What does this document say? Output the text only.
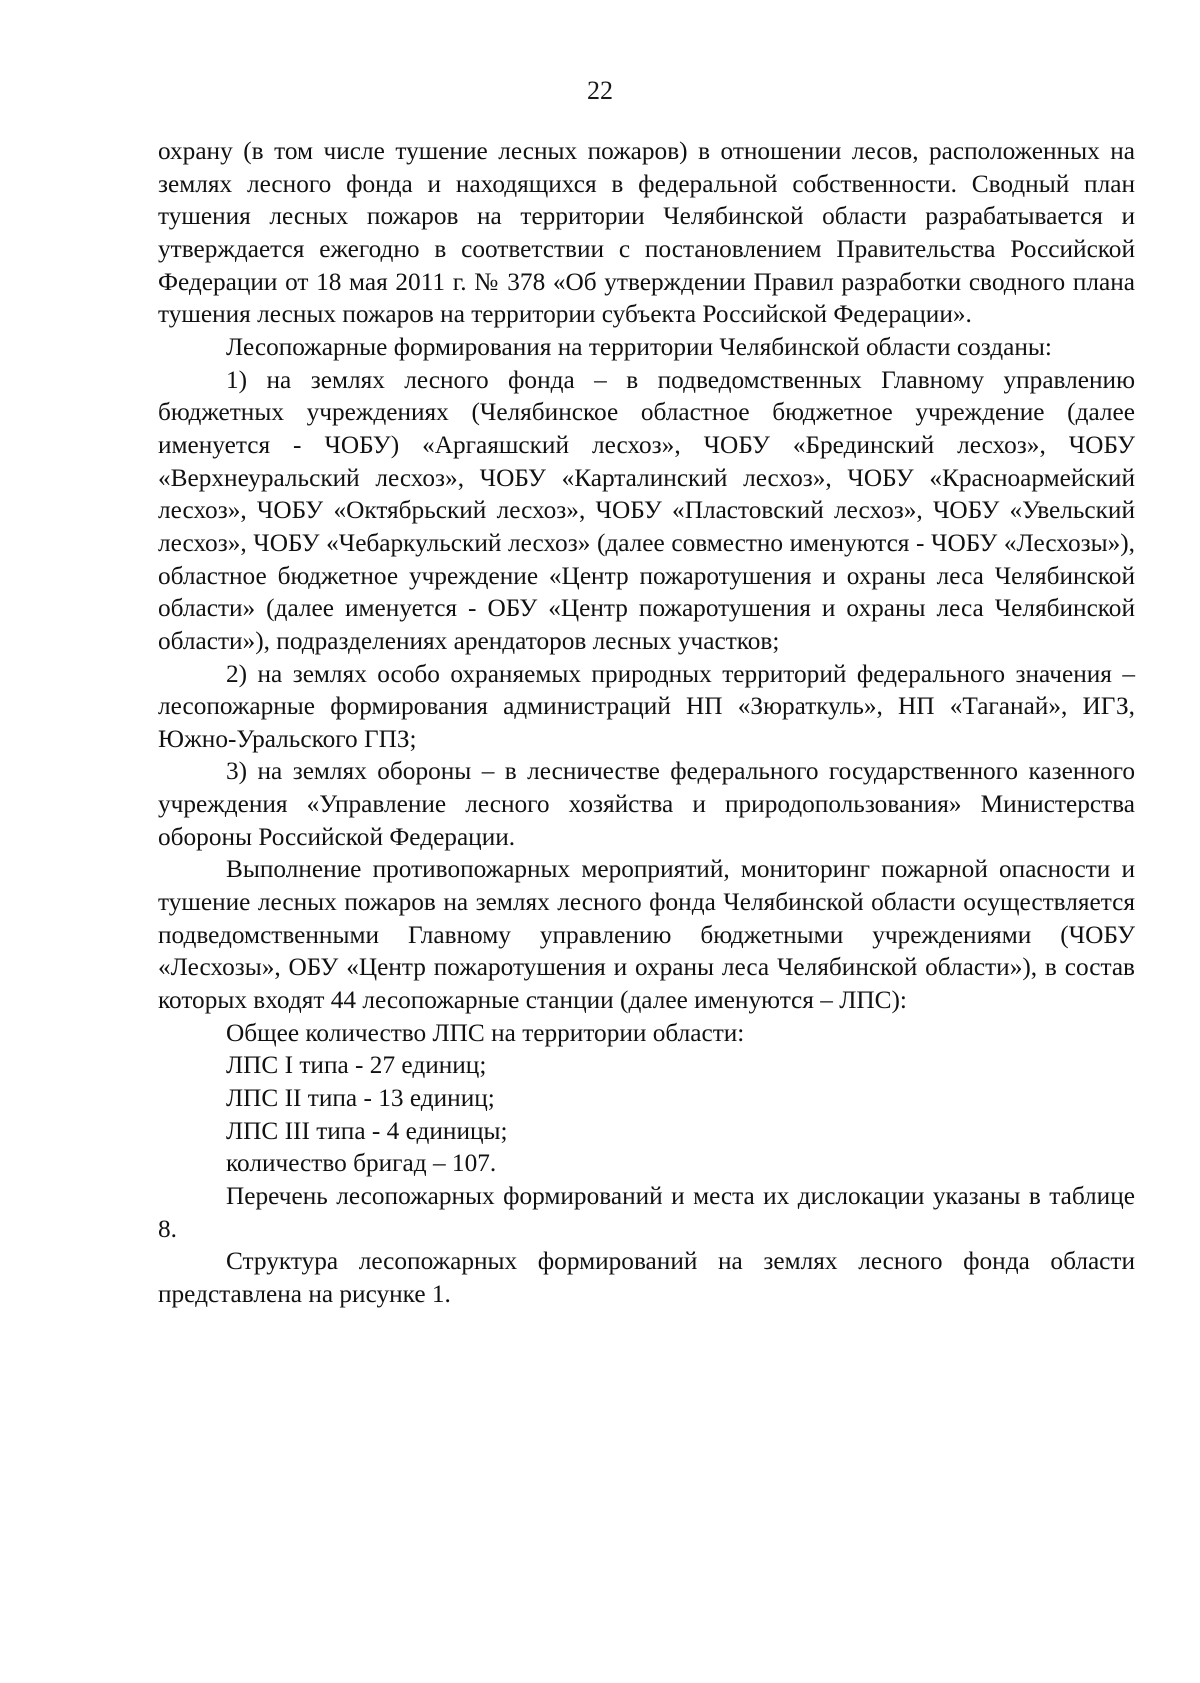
22

охрану (в том числе тушение лесных пожаров) в отношении лесов, расположенных на землях лесного фонда и находящихся в федеральной собственности. Сводный план тушения лесных пожаров на территории Челябинской области разрабатывается и утверждается ежегодно в соответствии с постановлением Правительства Российской Федерации от 18 мая 2011 г. № 378 «Об утверждении Правил разработки сводного плана тушения лесных пожаров на территории субъекта Российской Федерации».

Лесопожарные формирования на территории Челябинской области созданы:

1) на землях лесного фонда – в подведомственных Главному управлению бюджетных учреждениях (Челябинское областное бюджетное учреждение (далее именуется - ЧОБУ) «Аргаяшский лесхоз», ЧОБУ «Брединский лесхоз», ЧОБУ «Верхнеуральский лесхоз», ЧОБУ «Карталинский лесхоз», ЧОБУ «Красноармейский лесхоз», ЧОБУ «Октябрьский лесхоз», ЧОБУ «Пластовский лесхоз», ЧОБУ «Увельский лесхоз», ЧОБУ «Чебаркульский лесхоз» (далее совместно именуются - ЧОБУ «Лесхозы»), областное бюджетное учреждение «Центр пожаротушения и охраны леса Челябинской области» (далее именуется - ОБУ «Центр пожаротушения и охраны леса Челябинской области»), подразделениях арендаторов лесных участков;

2) на землях особо охраняемых природных территорий федерального значения – лесопожарные формирования администраций НП «Зюраткуль», НП «Таганай», ИГЗ, Южно-Уральского ГПЗ;

3) на землях обороны – в лесничестве федерального государственного казенного учреждения «Управление лесного хозяйства и природопользования» Министерства обороны Российской Федерации.

Выполнение противопожарных мероприятий, мониторинг пожарной опасности и тушение лесных пожаров на землях лесного фонда Челябинской области осуществляется подведомственными Главному управлению бюджетными учреждениями (ЧОБУ «Лесхозы», ОБУ «Центр пожаротушения и охраны леса Челябинской области»), в состав которых входят 44 лесопожарные станции (далее именуются – ЛПС):

Общее количество ЛПС на территории области:

ЛПС I типа - 27 единиц;

ЛПС II типа - 13 единиц;

ЛПС III типа - 4 единицы;

количество бригад – 107.

Перечень лесопожарных формирований и места их дислокации указаны в таблице 8.

Структура лесопожарных формирований на землях лесного фонда области представлена на рисунке 1.
